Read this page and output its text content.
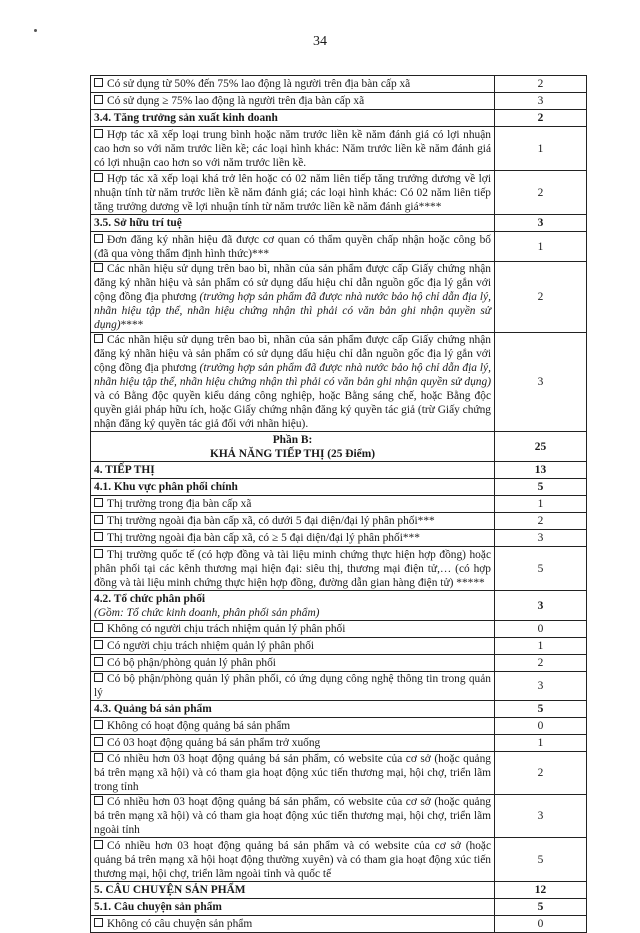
34
Có sử dụng từ 50% đến 75% lao động là người trên địa bàn cấp xã	2
Có sử dụng ≥ 75% lao động là người trên địa bàn cấp xã	3
3.4. Tăng trưởng sản xuất kinh doanh	2
Hợp tác xã xếp loại trung bình hoặc năm trước liền kề năm đánh giá có lợi nhuận cao hơn so với năm trước liền kề; các loại hình khác: Năm trước liền kề năm đánh giá có lợi nhuận cao hơn so với năm trước liền kề.	1
Hợp tác xã xếp loại khá trở lên hoặc có 02 năm liên tiếp tăng trưởng dương về lợi nhuận tính từ năm trước liền kề năm đánh giá; các loại hình khác: Có 02 năm liên tiếp tăng trưởng dương về lợi nhuận tính từ năm trước liền kề năm đánh giá****	2
3.5. Sở hữu trí tuệ	3
Đơn đăng ký nhãn hiệu đã được cơ quan có thẩm quyền chấp nhận hoặc công bố (đã qua vòng thẩm định hình thức)***	1
Các nhãn hiệu sử dụng trên bao bì, nhãn của sản phẩm được cấp Giấy chứng nhận đăng ký nhãn hiệu và sản phẩm có sử dụng dấu hiệu chỉ dẫn nguồn gốc địa lý gắn với cộng đồng địa phương (trường hợp sản phẩm đã được nhà nước bảo hộ chỉ dẫn địa lý, nhãn hiệu tập thể, nhãn hiệu chứng nhận thì phải có văn bản ghi nhận quyền sử dụng)****	2
Các nhãn hiệu sử dụng trên bao bì, nhãn của sản phẩm được cấp Giấy chứng nhận đăng ký nhãn hiệu và sản phẩm có sử dụng dấu hiệu chỉ dẫn nguồn gốc địa lý gắn với cộng đồng địa phương (trường hợp sản phẩm đã được nhà nước bảo hộ chỉ dẫn địa lý, nhãn hiệu tập thể, nhãn hiệu chứng nhận thì phải có văn bản ghi nhận quyền sử dụng) và có Bằng độc quyền kiểu dáng công nghiệp, hoặc Bằng sáng chế, hoặc Bằng độc quyền giải pháp hữu ích, hoặc Giấy chứng nhận đăng ký quyền tác giả (trừ Giấy chứng nhận đăng ký quyền tác giả đối với nhãn hiệu).	3
Phần B:
KHẢ NĂNG TIẾP THỊ (25 Điểm)	25
4. TIẾP THỊ	13
4.1. Khu vực phân phối chính	5
Thị trường trong địa bàn cấp xã	1
Thị trường ngoài địa bàn cấp xã, có dưới 5 đại diện/đại lý phân phối***	2
Thị trường ngoài địa bàn cấp xã, có ≥ 5 đại diện/đại lý phân phối***	3
Thị trường quốc tế (có hợp đồng và tài liệu minh chứng thực hiện hợp đồng) hoặc phân phối tại các kênh thương mại hiện đại: siêu thị, thương mại điện tử,… (có hợp đồng và tài liệu minh chứng thực hiện hợp đồng, đường dẫn gian hàng điện tử) *****	5
4.2. Tổ chức phân phối
(Gồm: Tổ chức kinh doanh, phân phối sản phẩm)	3
Không có người chịu trách nhiệm quản lý phân phối	0
Có người chịu trách nhiệm quản lý phân phối	1
Có bộ phận/phòng quản lý phân phối	2
Có bộ phận/phòng quản lý phân phối, có ứng dụng công nghệ thông tin trong quản lý	3
4.3. Quảng bá sản phẩm	5
Không có hoạt động quảng bá sản phẩm	0
Có 03 hoạt động quảng bá sản phẩm trở xuống	1
Có nhiều hơn 03 hoạt động quảng bá sản phẩm, có website của cơ sở (hoặc quảng bá trên mạng xã hội) và có tham gia hoạt động xúc tiến thương mại, hội chợ, triển lãm trong tỉnh	2
Có nhiều hơn 03 hoạt động quảng bá sản phẩm, có website của cơ sở (hoặc quảng bá trên mạng xã hội) và có tham gia hoạt động xúc tiến thương mại, hội chợ, triển lãm ngoài tỉnh	3
Có nhiều hơn 03 hoạt động quảng bá sản phẩm và có website của cơ sở (hoặc quảng bá trên mạng xã hội hoạt động thường xuyên) và có tham gia hoạt động xúc tiến thương mại, hội chợ, triển lãm ngoài tỉnh và quốc tế	5
5. CÂU CHUYỆN SẢN PHẨM	12
5.1. Câu chuyện sản phẩm	5
Không có câu chuyện sản phẩm	0
